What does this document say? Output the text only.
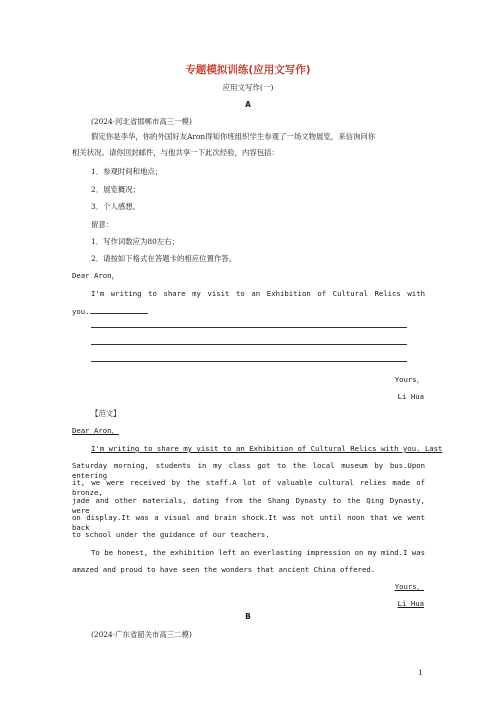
专题模拟训练(应用文写作)
应用文写作(一)
A
(2024·河北省邯郸市高三一模)
假定你是李华，你的外国好友Aron得知你班组织学生参观了一场文物展览，来信询问你
相关状况。请你回封邮件，与他共享一下此次经验，内容包括：
1．参观时间和地点；
2．展览概况；
3．个人感想。
留意：
1．写作词数应为80左右；
2．请按如下格式在答题卡的相应位置作答。
Dear Aron，
I'm writing to share my visit to an Exhibition of Cultural Relics with
you.
Yours，
Li Hua
【范文】
Dear Aron，
I'm writing to share my visit to an Exhibition of Cultural Relics with you. Last
Saturday morning, students in my class got to the local museum by bus.Upon entering
it, we were received by the staff.A lot of valuable cultural relies made of bronze,
jade and other materials, dating from the Shang Dynasty to the Qing Dynasty, were
on display.It was a visual and brain shock.It was not until noon that we went back
to school under the guidance of our teachers.
To be honest, the exhibition left an everlasting impression on my mind.I was
amazed and proud to have seen the wonders that ancient China offered.
Yours，
Li Hua
B
(2024·广东省韶关市高三二模)
1
